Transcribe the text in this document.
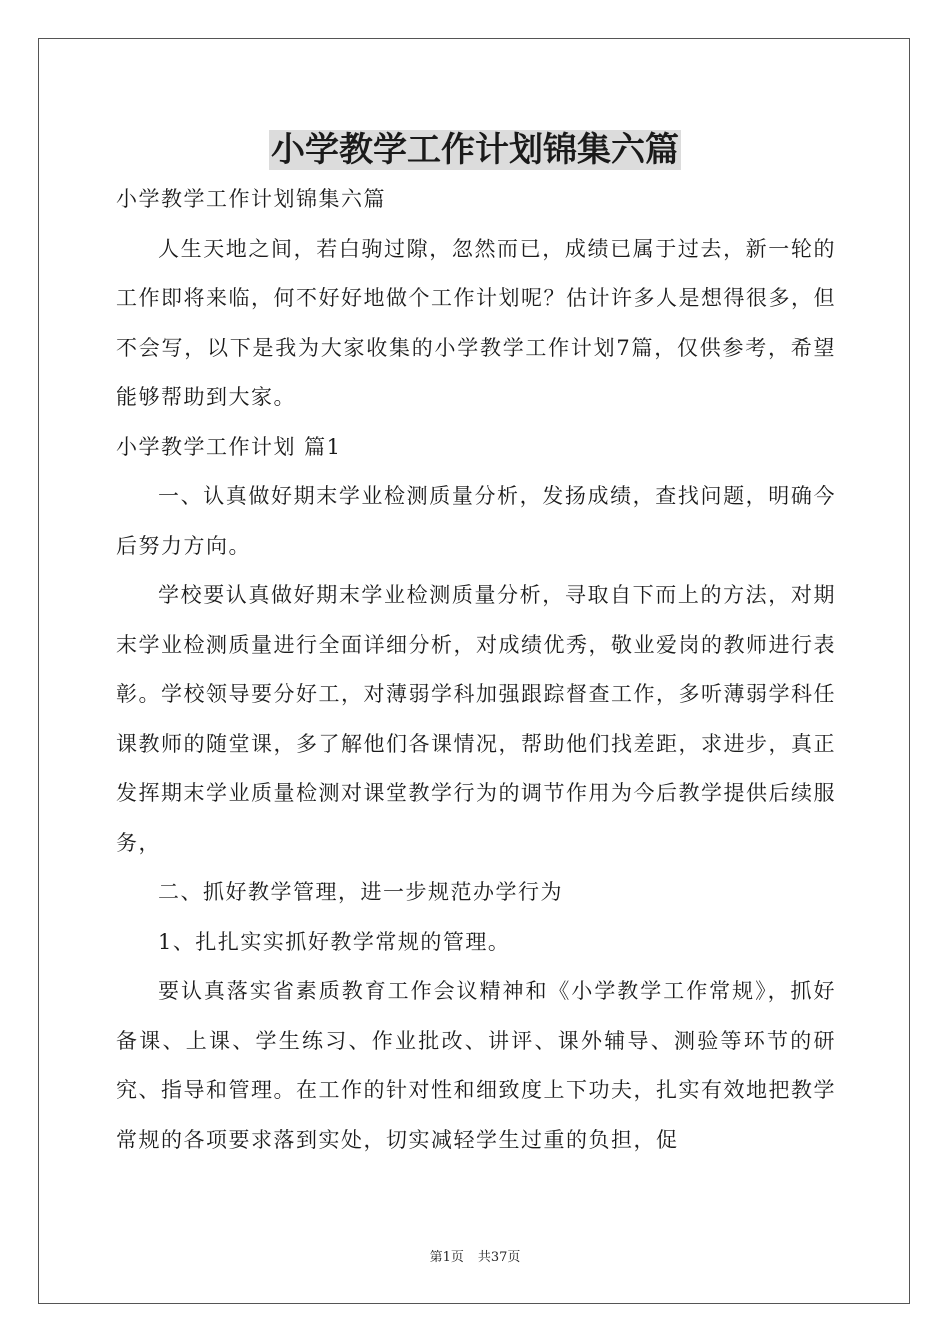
小学教学工作计划锦集六篇

小学教学工作计划锦集六篇

人生天地之间，若白驹过隙，忽然而已，成绩已属于过去，新一轮的工作即将来临，何不好好地做个工作计划呢？估计许多人是想得很多，但不会写，以下是我为大家收集的小学教学工作计划7篇，仅供参考，希望能够帮助到大家。

小学教学工作计划 篇1

一、认真做好期末学业检测质量分析，发扬成绩，查找问题，明确今后努力方向。

学校要认真做好期末学业检测质量分析，寻取自下而上的方法，对期末学业检测质量进行全面详细分析，对成绩优秀，敬业爱岗的教师进行表彰。学校领导要分好工，对薄弱学科加强跟踪督查工作，多听薄弱学科任课教师的随堂课，多了解他们各课情况，帮助他们找差距，求进步，真正发挥期末学业质量检测对课堂教学行为的调节作用为今后教学提供后续服务，

二、抓好教学管理，进一步规范办学行为

1、扎扎实实抓好教学常规的管理。

要认真落实省素质教育工作会议精神和《小学教学工作常规》，抓好备课、上课、学生练习、作业批改、讲评、课外辅导、测验等环节的研究、指导和管理。在工作的针对性和细致度上下功夫，扎实有效地把教学常规的各项要求落到实处，切实减轻学生过重的负担，促

第1页 共37页
